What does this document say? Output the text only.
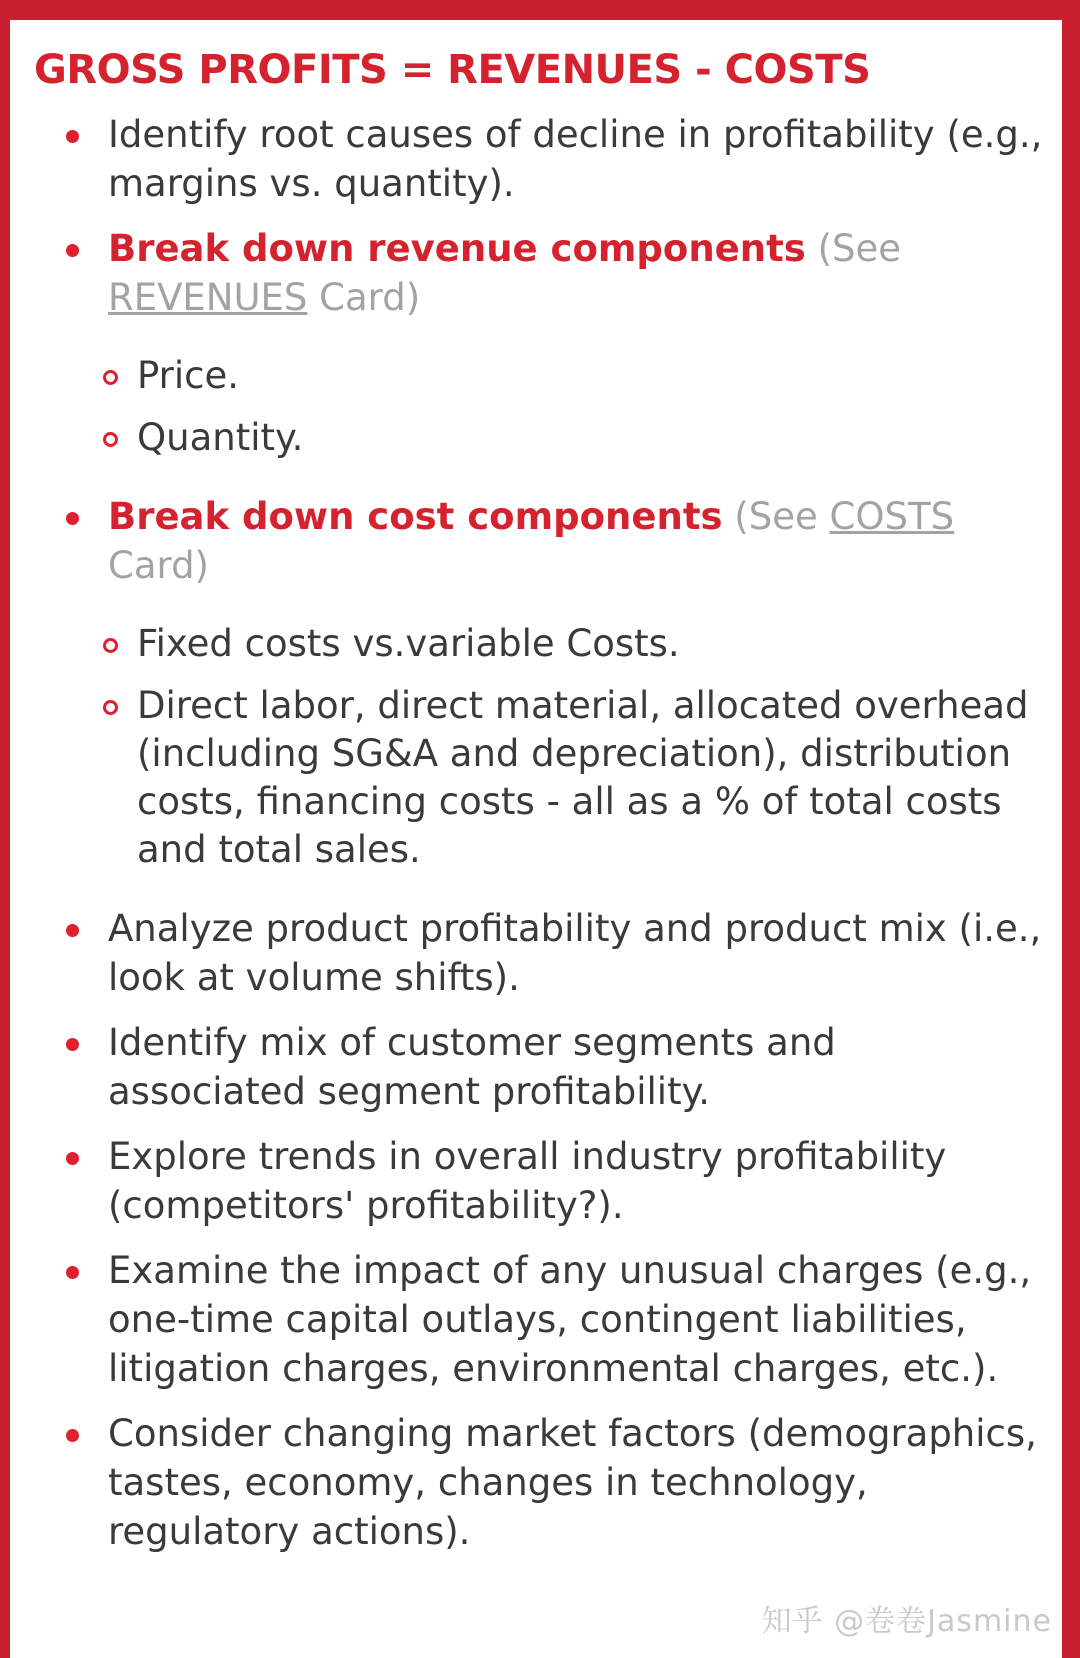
GROSS PROFITS = REVENUES - COSTS
Identify root causes of decline in profitability (e.g., margins vs. quantity).
Break down revenue components (See REVENUES Card)
Price.
Quantity.
Break down cost components (See COSTS Card)
Fixed costs vs.variable Costs.
Direct labor, direct material, allocated overhead (including SG&A and depreciation), distribution costs, financing costs - all as a % of total costs and total sales.
Analyze product profitability and product mix (i.e., look at volume shifts).
Identify mix of customer segments and associated segment profitability.
Explore trends in overall industry profitability (competitors' profitability?).
Examine the impact of any unusual charges (e.g., one-time capital outlays, contingent liabilities, litigation charges, environmental charges, etc.).
Consider changing market factors (demographics, tastes, economy, changes in technology, regulatory actions).
知乎 @卷卷Jasmine
